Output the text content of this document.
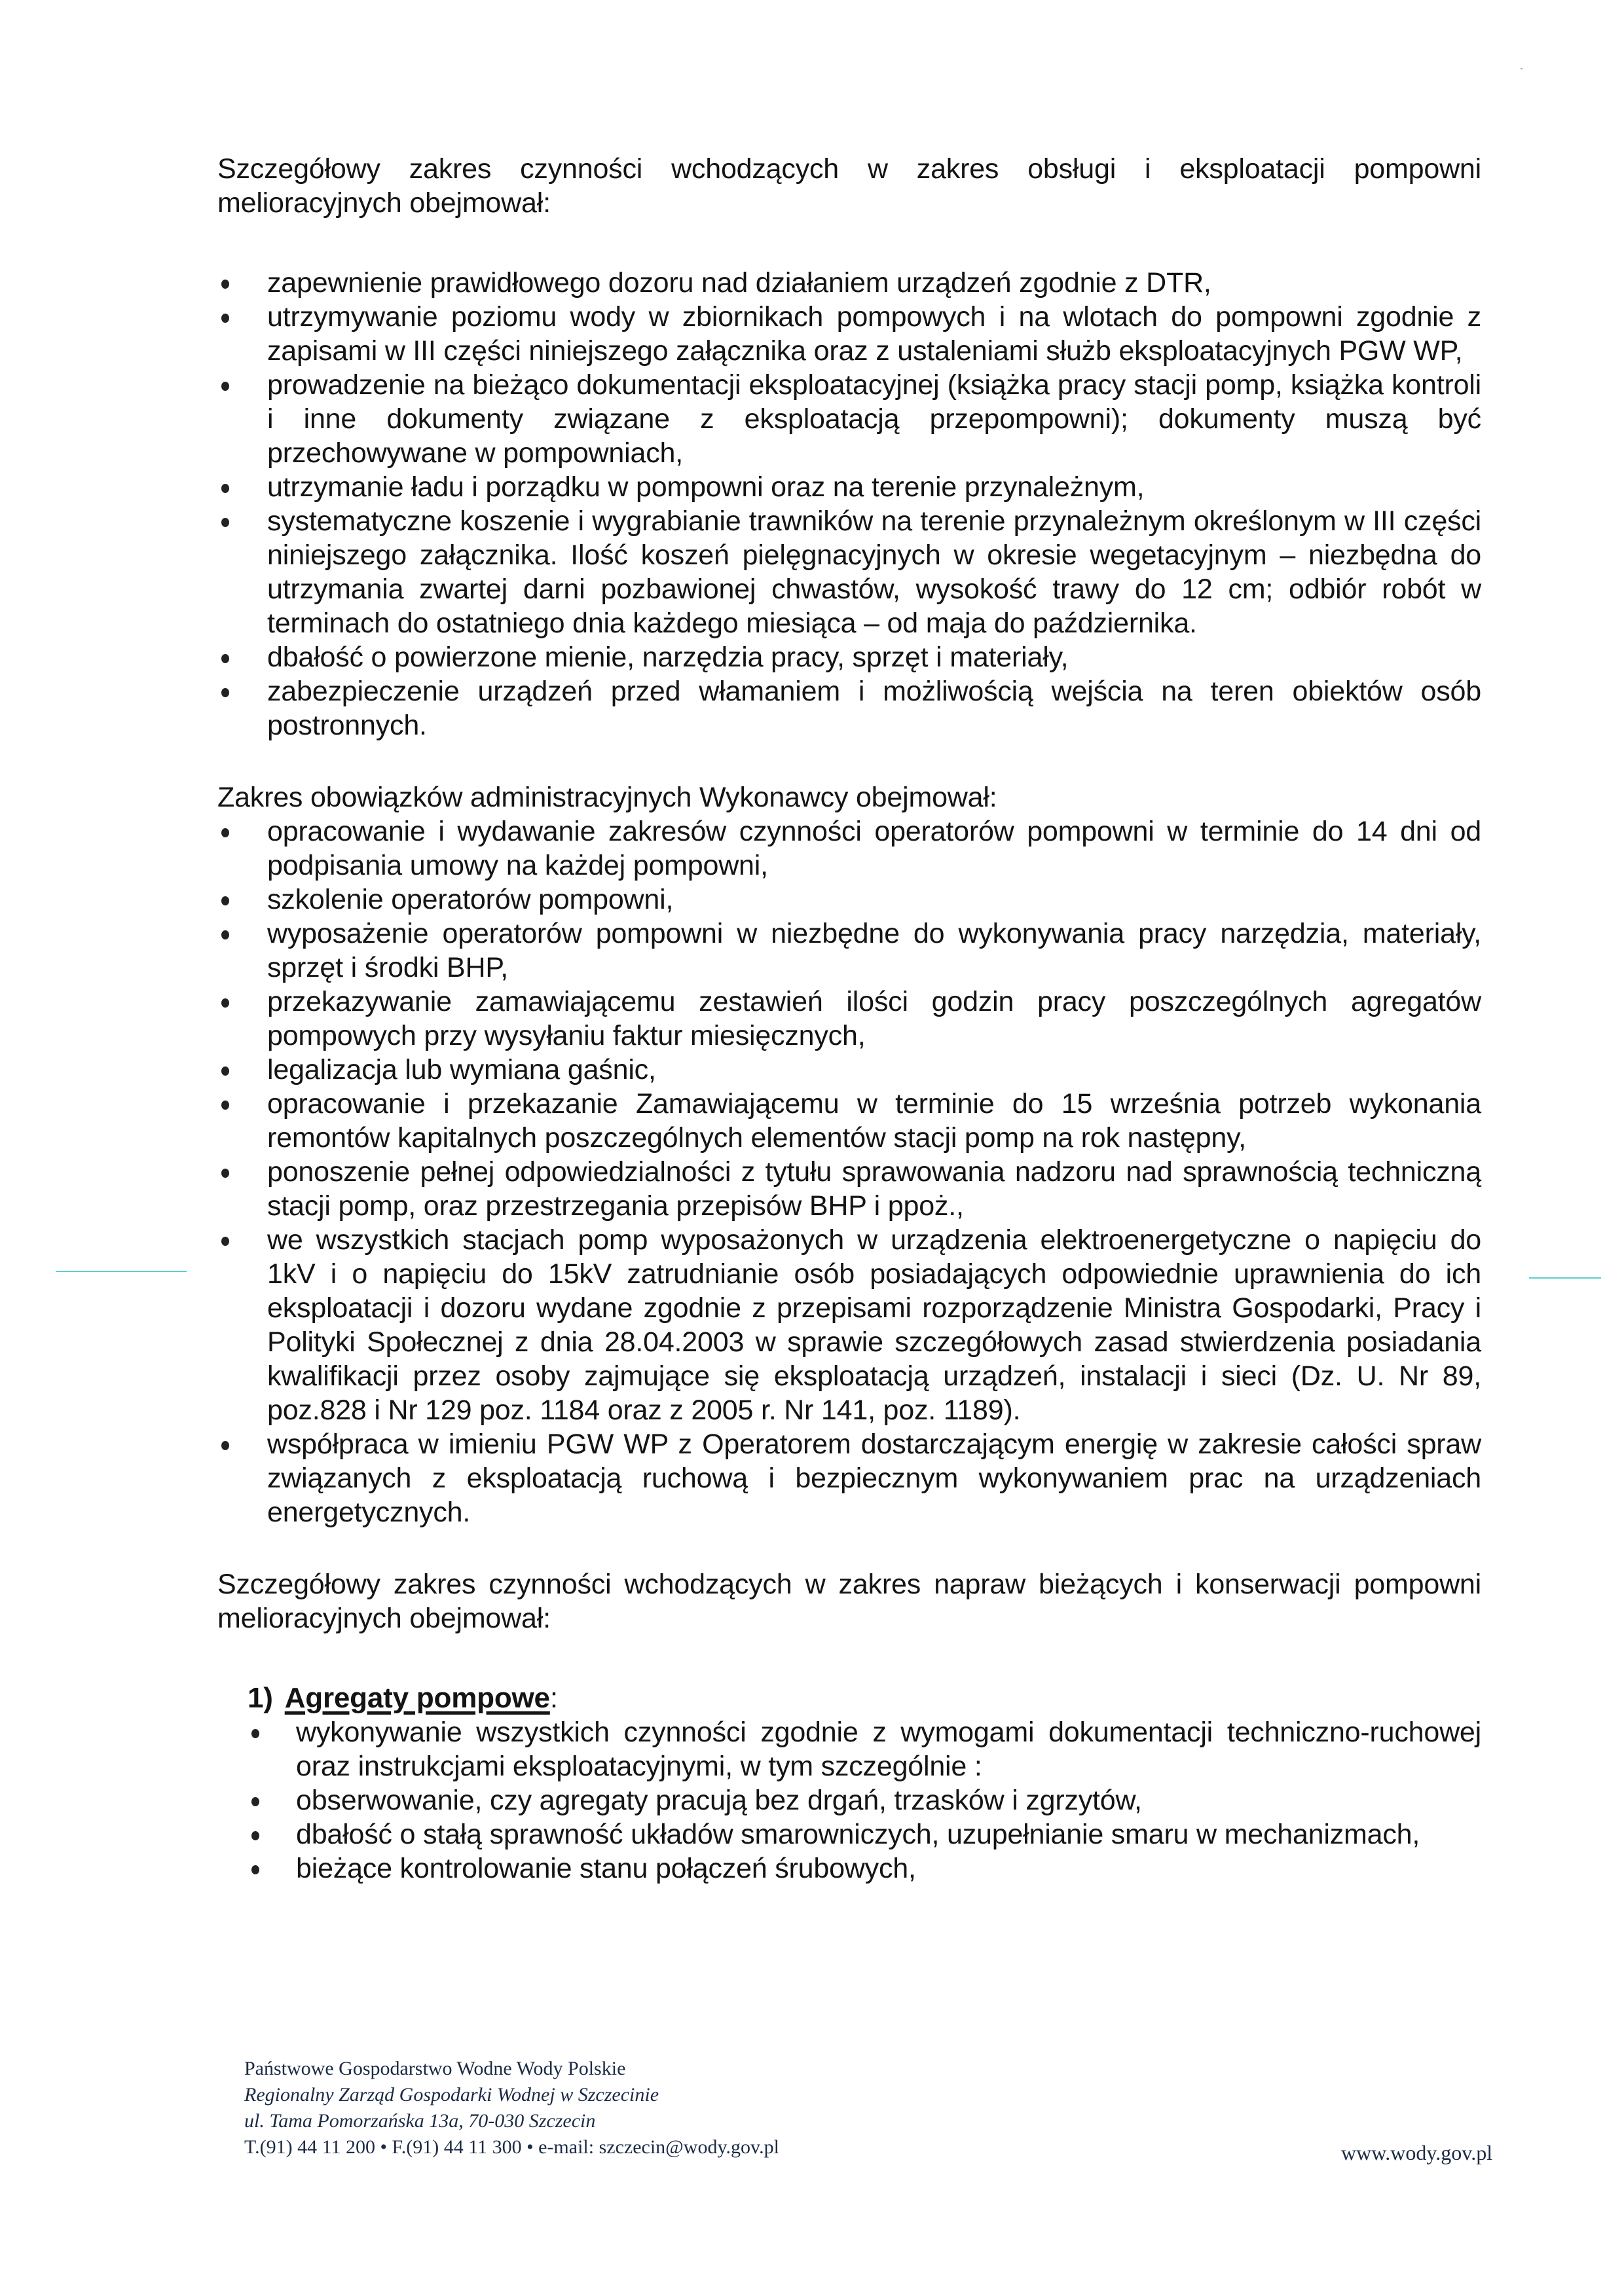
Szczegółowy zakres czynności wchodzących w zakres obsługi i eksploatacji pompowni melioracyjnych obejmował:

zapewnienie prawidłowego dozoru nad działaniem urządzeń zgodnie z DTR,
utrzymywanie poziomu wody w zbiornikach pompowych i na wlotach do pompowni zgodnie z zapisami w III części niniejszego załącznika oraz z ustaleniami służb eksploatacyjnych PGW WP,
prowadzenie na bieżąco dokumentacji eksploatacyjnej (książka pracy stacji pomp, książka kontroli i inne dokumenty związane z eksploatacją przepompowni); dokumenty muszą być przechowywane w pompowniach,
utrzymanie ładu i porządku w pompowni oraz na terenie przynależnym,
systematyczne koszenie i wygrabianie trawników na terenie przynależnym określonym w III części niniejszego załącznika. Ilość koszeń pielęgnacyjnych w okresie wegetacyjnym – niezbędna do utrzymania zwartej darni pozbawionej chwastów, wysokość trawy do 12 cm; odbiór robót w terminach do ostatniego dnia każdego miesiąca – od maja do października.
dbałość o powierzone mienie, narzędzia pracy, sprzęt i materiały,
zabezpieczenie urządzeń przed włamaniem i możliwością wejścia na teren obiektów osób postronnych.

Zakres obowiązków administracyjnych Wykonawcy obejmował:

opracowanie i wydawanie zakresów czynności operatorów pompowni w terminie do 14 dni od podpisania umowy na każdej pompowni,
szkolenie operatorów pompowni,
wyposażenie operatorów pompowni w niezbędne do wykonywania pracy narzędzia, materiały, sprzęt i środki BHP,
przekazywanie zamawiającemu zestawień ilości godzin pracy poszczególnych agregatów pompowych przy wysyłaniu faktur miesięcznych,
legalizacja lub wymiana gaśnic,
opracowanie i przekazanie Zamawiającemu w terminie do 15 września potrzeb wykonania remontów kapitalnych poszczególnych elementów stacji pomp na rok następny,
ponoszenie pełnej odpowiedzialności z tytułu sprawowania nadzoru nad sprawnością techniczną stacji pomp, oraz przestrzegania przepisów BHP i ppoż.,
we wszystkich stacjach pomp wyposażonych w urządzenia elektroenergetyczne o napięciu do 1kV i o napięciu do 15kV zatrudnianie osób posiadających odpowiednie uprawnienia do ich eksploatacji i dozoru wydane zgodnie z przepisami rozporządzenie Ministra Gospodarki, Pracy i Polityki Społecznej z dnia 28.04.2003 w sprawie szczegółowych zasad stwierdzenia posiadania kwalifikacji przez osoby zajmujące się eksploatacją urządzeń, instalacji i sieci (Dz. U. Nr 89, poz.828 i Nr 129 poz. 1184 oraz z 2005 r. Nr 141, poz. 1189).
współpraca w imieniu PGW WP z Operatorem dostarczającym energię w zakresie całości spraw związanych z eksploatacją ruchową i bezpiecznym wykonywaniem prac na urządzeniach energetycznych.

Szczegółowy zakres czynności wchodzących w zakres napraw bieżących i konserwacji pompowni melioracyjnych obejmował:

1) Agregaty pompowe:

wykonywanie wszystkich czynności zgodnie z wymogami dokumentacji techniczno-ruchowej oraz instrukcjami eksploatacyjnymi, w tym szczególnie :
obserwowanie, czy agregaty pracują bez drgań, trzasków i zgrzytów,
dbałość o stałą sprawność układów smarowniczych, uzupełnianie smaru w mechanizmach,
bieżące kontrolowanie stanu połączeń śrubowych,
Państwowe Gospodarstwo Wodne Wody Polskie
Regionalny Zarząd Gospodarki Wodnej w Szczecinie
ul. Tama Pomorzańska 13a, 70-030 Szczecin
T.(91) 44 11 200 • F.(91) 44 11 300 • e-mail: szczecin@wody.gov.pl	www.wody.gov.pl
